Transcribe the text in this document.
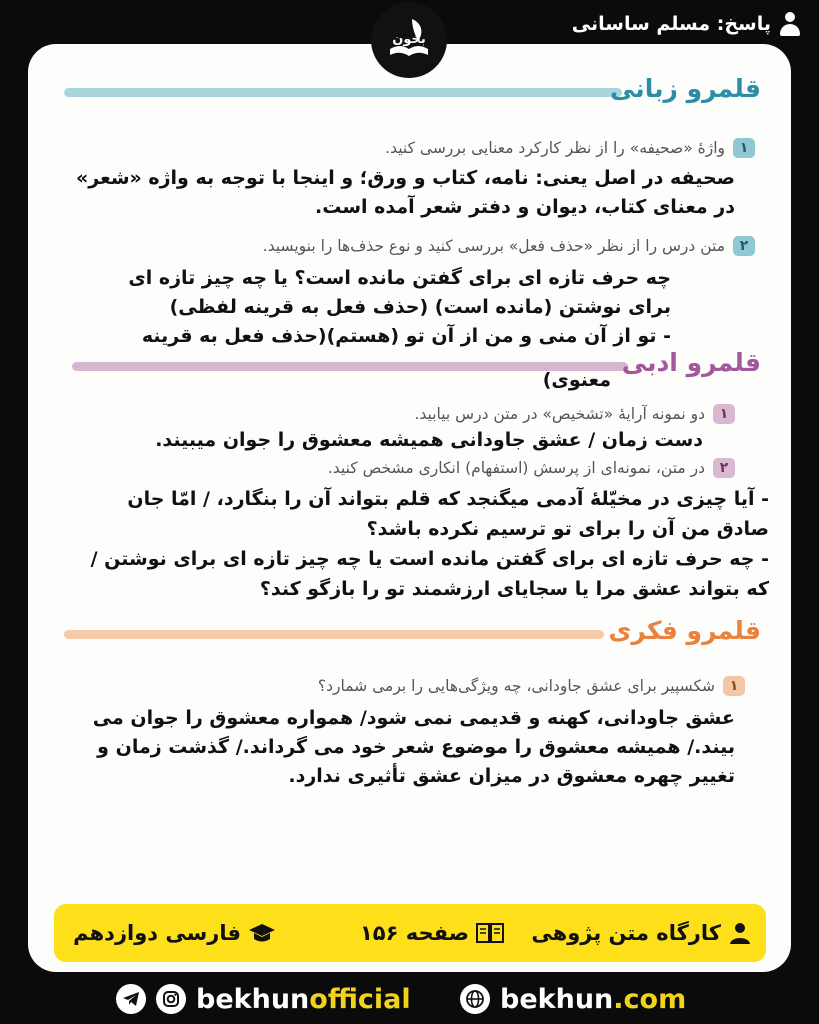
پاسخ: مسلم ساسانی
بخون
قلمرو زبانی
۱
واژهٔ «صحیفه» را از نظر کارکرد معنایی بررسی کنید.
صحیفه در اصل یعنی: نامه، کتاب و ورق؛ و اینجا با توجه به واژه «شعر»
در معنای کتاب، دیوان و دفتر شعر آمده است.
۲
متن درس را از نظر «حذف فعل» بررسی کنید و نوع حذف‌ها را بنویسید.
چه حرف تازه ای برای گفتن مانده است؟ یا چه چیز تازه ای
برای نوشتن (مانده است) (حذف فعل به قرینه لفظی)
- تو از آن منی و من از آن تو (هستم)(حذف فعل به قرینه
قلمرو ادبی
معنوی)
۱
دو نمونه آرایهٔ «تشخیص» در متن درس بیابید.
دست زمان / عشق جاودانی همیشه معشوق را جوان میبیند.
۲
در متن، نمونه‌ای از پرسش (استفهام) انکاری مشخص کنید.
- آیا چیزی در مخیّلهٔ آدمی میگنجد که قلم بتواند آن را بنگارد، / امّا جان
صادق من آن را برای تو ترسیم نکرده باشد؟
- چه حرف تازه ای برای گفتن مانده است یا چه چیز تازه ای برای نوشتن /
که بتواند عشق مرا یا سجایای ارزشمند تو را بازگو کند؟
قلمرو فکری
۱
شکسپیر برای عشق جاودانی، چه ویژگی‌هایی را برمی شمارد؟
عشق جاودانی، کهنه و قدیمی نمی شود/ همواره معشوق را جوان می
بیند./ همیشه معشوق را موضوع شعر خود می گرداند./ گذشت زمان و
تغییر چهره معشوق در میزان عشق تأثیری ندارد.
کارگاه متن پژوهی
صفحه ۱۵۶
فارسی دوازدهم
bekhunofficial	bekhun.com
